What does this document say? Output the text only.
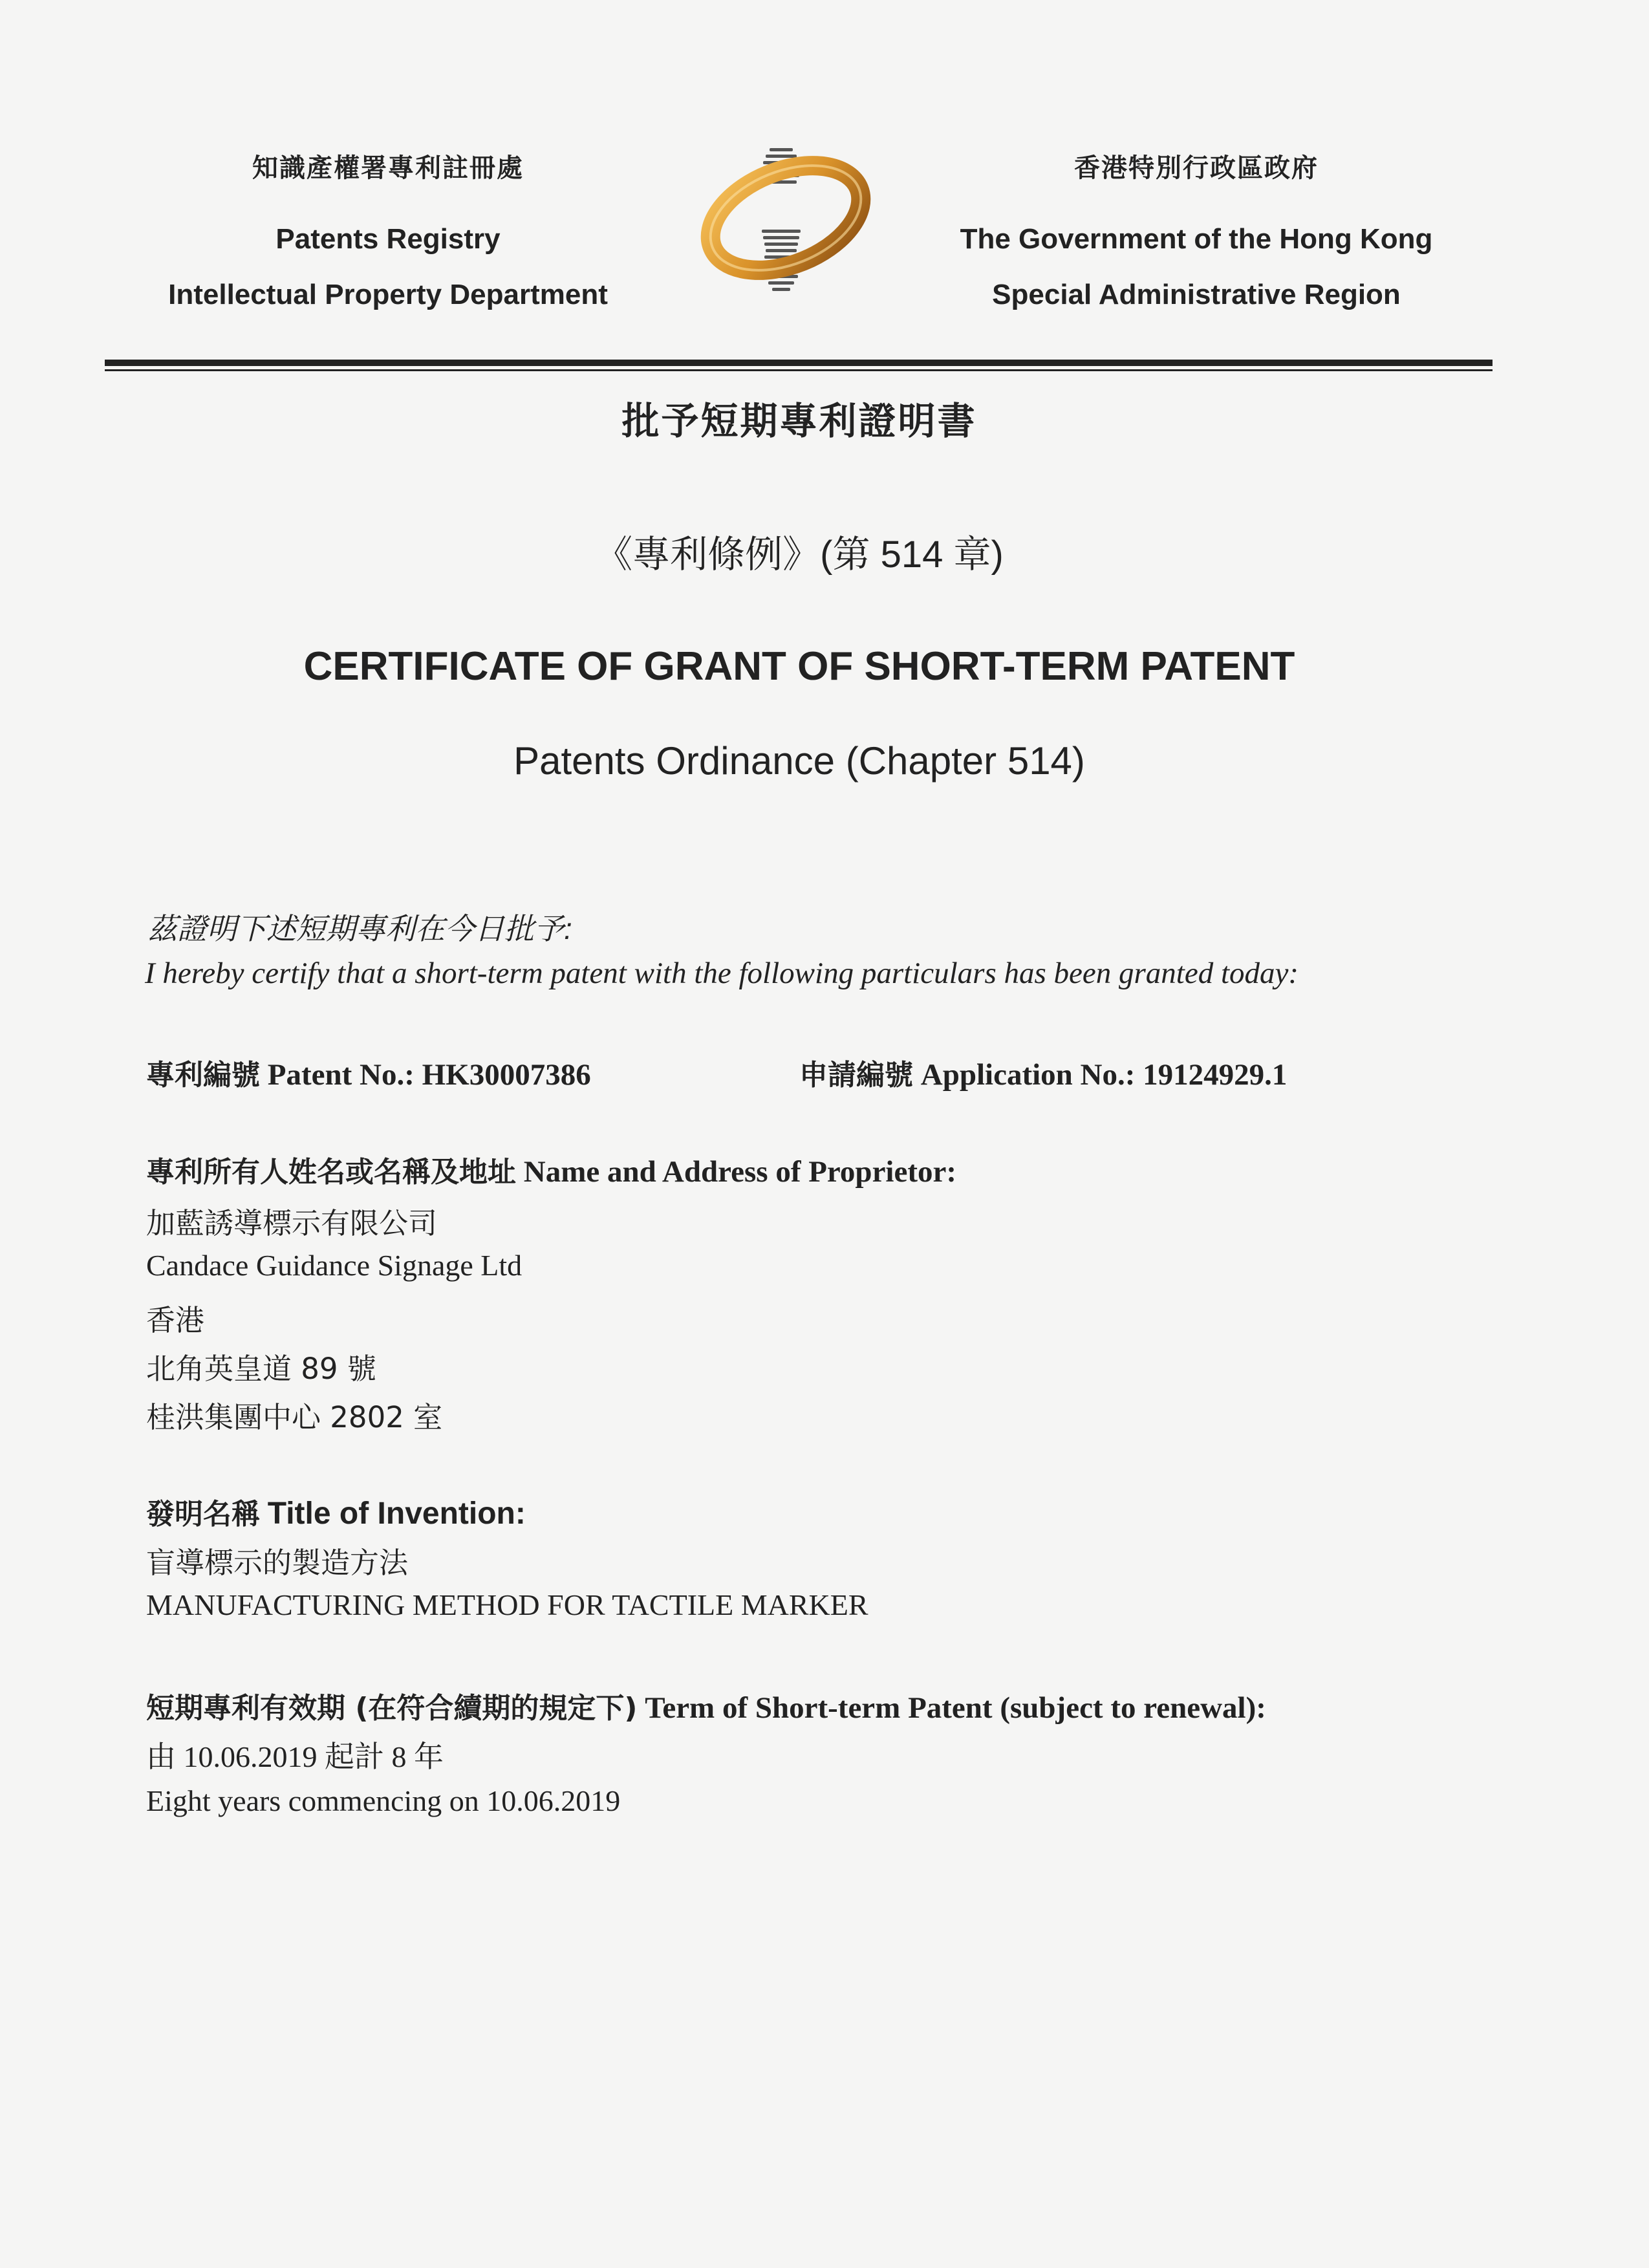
知識產權署專利註冊處
Patents Registry
Intellectual Property Department
香港特別行政區政府
The Government of the Hong Kong
Special Administrative Region
批予短期專利證明書
《專利條例》(第 514 章)
CERTIFICATE OF GRANT OF SHORT-TERM PATENT
Patents Ordinance (Chapter 514)
茲證明下述短期專利在今日批予:
I hereby certify that a short-term patent with the following particulars has been granted today:
專利編號 Patent No.: HK30007386	申請編號 Application No.: 19124929.1
專利所有人姓名或名稱及地址 Name and Address of Proprietor:
加藍誘導標示有限公司
Candace Guidance Signage Ltd
香港
北角英皇道 89 號
桂洪集團中心 2802 室
發明名稱 Title of Invention:
盲導標示的製造方法
MANUFACTURING METHOD FOR TACTILE MARKER
短期專利有效期 (在符合續期的規定下) Term of Short-term Patent (subject to renewal):
由 10.06.2019 起計 8 年
Eight years commencing on 10.06.2019
